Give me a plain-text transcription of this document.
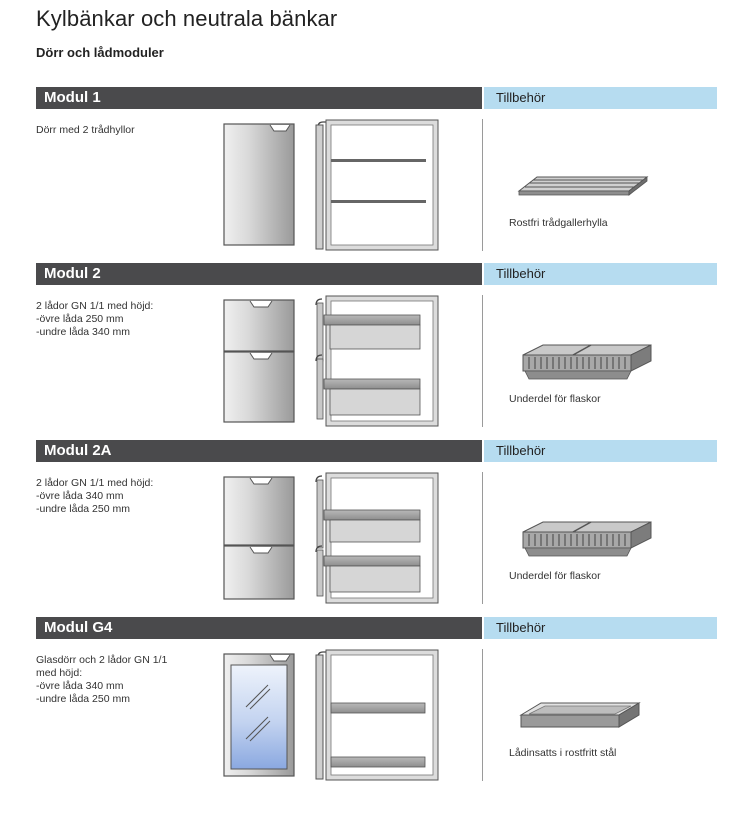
Kylbänkar och neutrala bänkar
Dörr och lådmoduler
Modul 1	Tillbehör
Dörr med 2 trådhyllor
Rostfri trådgallerhylla
Modul 2	Tillbehör
2 lådor GN 1/1 med höjd:
-övre låda 250 mm
-undre låda 340 mm
Underdel för flaskor
Modul 2A	Tillbehör
2 lådor GN 1/1 med höjd:
-övre låda 340 mm
-undre låda 250 mm
Underdel för flaskor
Modul G4	Tillbehör
Glasdörr och 2 lådor GN 1/1
med höjd:
-övre låda 340 mm
-undre låda 250 mm
Lådinsatts i rostfritt stål
